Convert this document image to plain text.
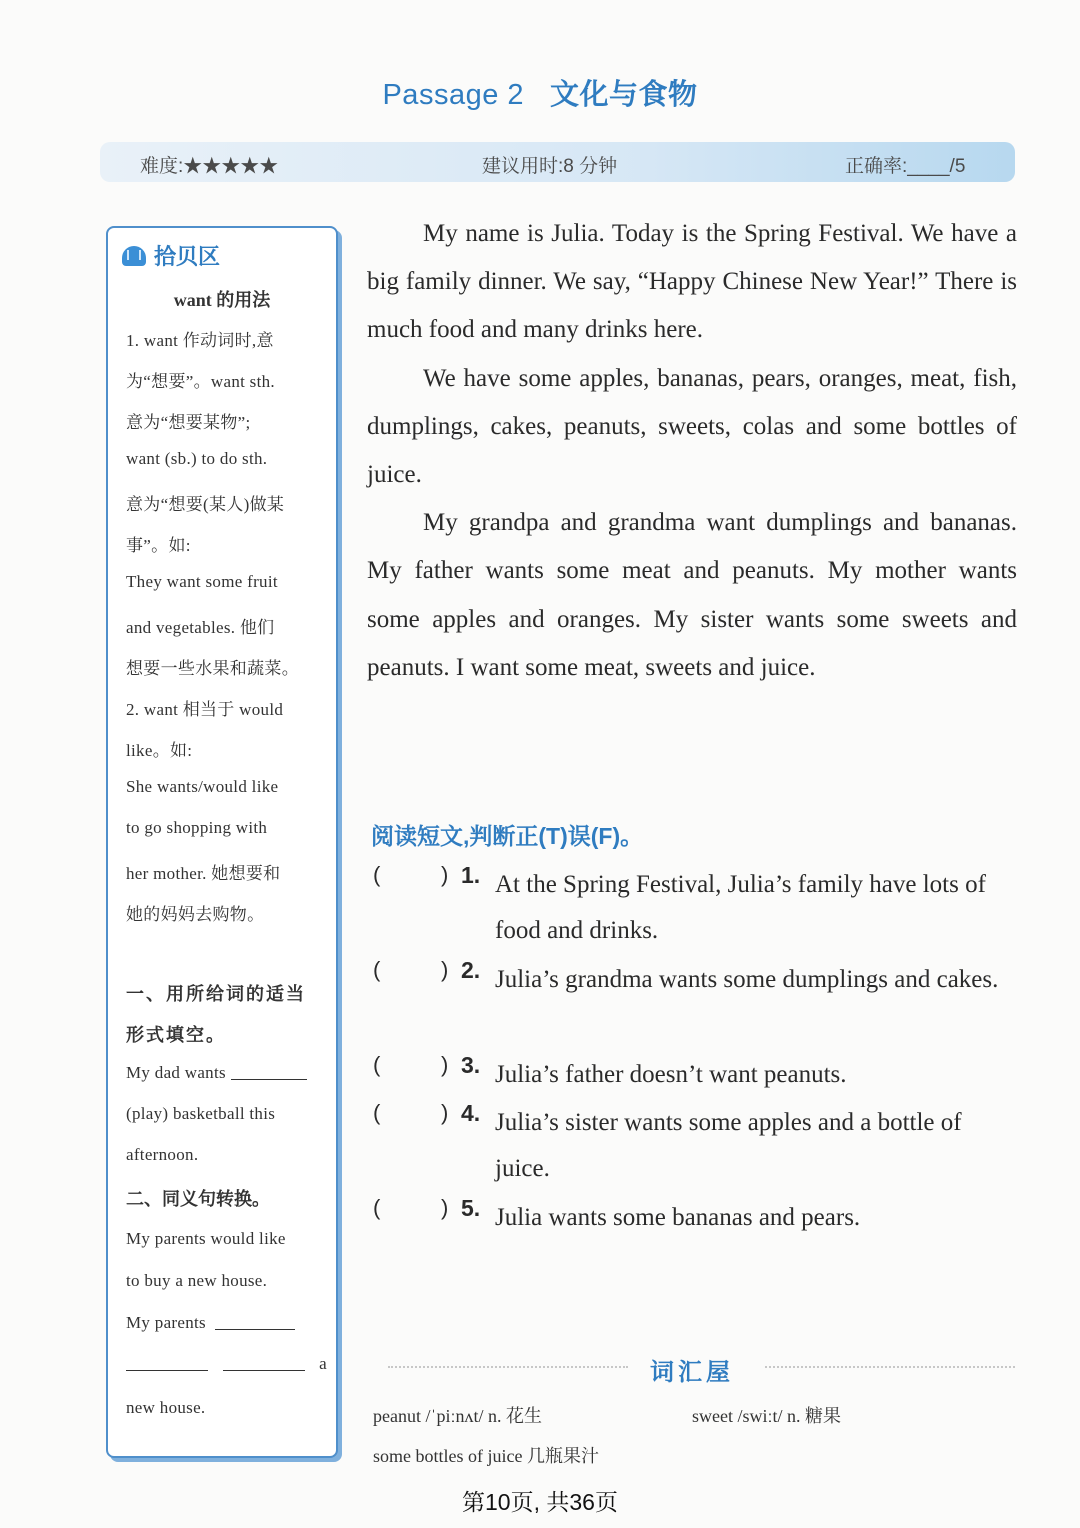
Passage 2 文化与食物
难度:★★★★★	建议用时:8 分钟	正确率:____/5
拾贝区
want 的用法
1. want 作动词时,意
为“想要”。want sth.
意为“想要某物”;
want (sb.) to do sth.
意为“想要(某人)做某
事”。如:
They want some fruit
and vegetables. 他们
想要一些水果和蔬菜。
2. want 相当于 would
like。如:
She wants/would like
to go shopping with
her mother. 她想要和
她的妈妈去购物。
一、用所给词的适当
形式填空。
My dad wants
(play) basketball this
afternoon.
二、同义句转换。
My parents would like
to buy a new house.
My parents
a
new house.

My name is Julia. Today is the Spring Festival. We have a big family dinner. We say, “Happy Chinese New Year!” There is much food and many drinks here.

We have some apples, bananas, pears, oranges, meat, fish, dumplings, cakes, peanuts, sweets, colas and some bottles of juice.

My grandpa and grandma want dumplings and bananas. My father wants some meat and peanuts. My mother wants some apples and oranges. My sister wants some sweets and peanuts. I want some meat, sweets and juice.

阅读短文,判断正(T)误(F)。
(	) 1. At the Spring Festival, Julia’s family have lots of food and drinks.
(	) 2. Julia’s grandma wants some dumplings and cakes.
(	) 3. Julia’s father doesn’t want peanuts.
(	) 4. Julia’s sister wants some apples and a bottle of juice.
(	) 5. Julia wants some bananas and pears.
词汇屋
peanut /ˈpiːnʌt/ n. 花生	sweet /swiːt/ n. 糖果
some bottles of juice 几瓶果汁
第10页, 共36页
